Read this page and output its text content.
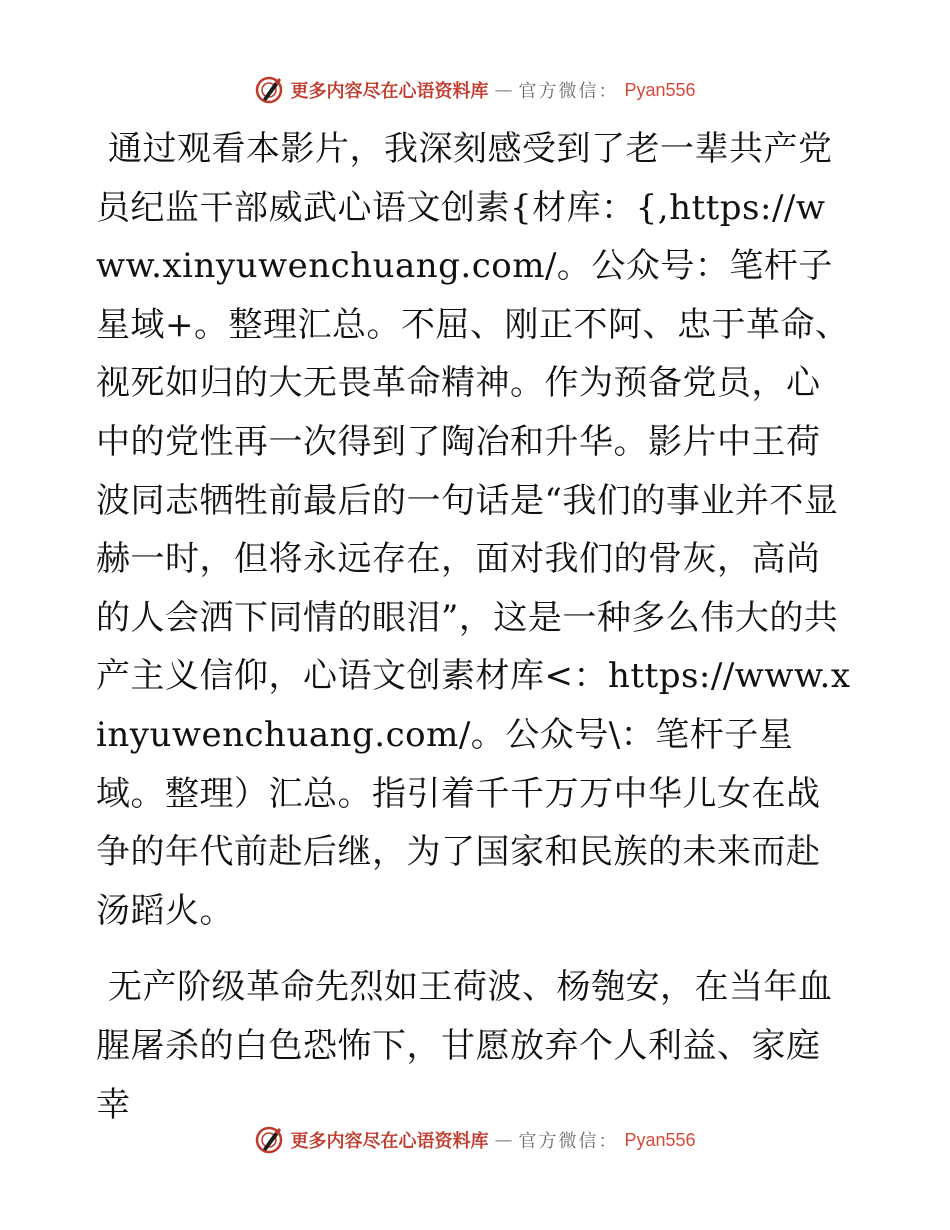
更多内容尽在心语资料库 — 官方微信： Pyan556

通过观看本影片，我深刻感受到了老一辈共产党员纪监干部威武心语文创素{材库：{,https://www.xinyuwenchuang.com/。公众号：笔杆子星域+。整理汇总。不屈、刚正不阿、忠于革命、视死如归的大无畏革命精神。作为预备党员，心中的党性再一次得到了陶冶和升华。影片中王荷波同志牺牲前最后的一句话是“我们的事业并不显赫一时，但将永远存在，面对我们的骨灰，高尚的人会洒下同情的眼泪”，这是一种多么伟大的共产主义信仰，心语文创素材库<：https://www.xinyuwenchuang.com/。公众号\：笔杆子星域。整理）汇总。指引着千千万万中华儿女在战争的年代前赴后继，为了国家和民族的未来而赴汤蹈火。

无产阶级革命先烈如王荷波、杨匏安，在当年血腥屠杀的白色恐怖下，甘愿放弃个人利益、家庭幸

更多内容尽在心语资料库 — 官方微信： Pyan556
